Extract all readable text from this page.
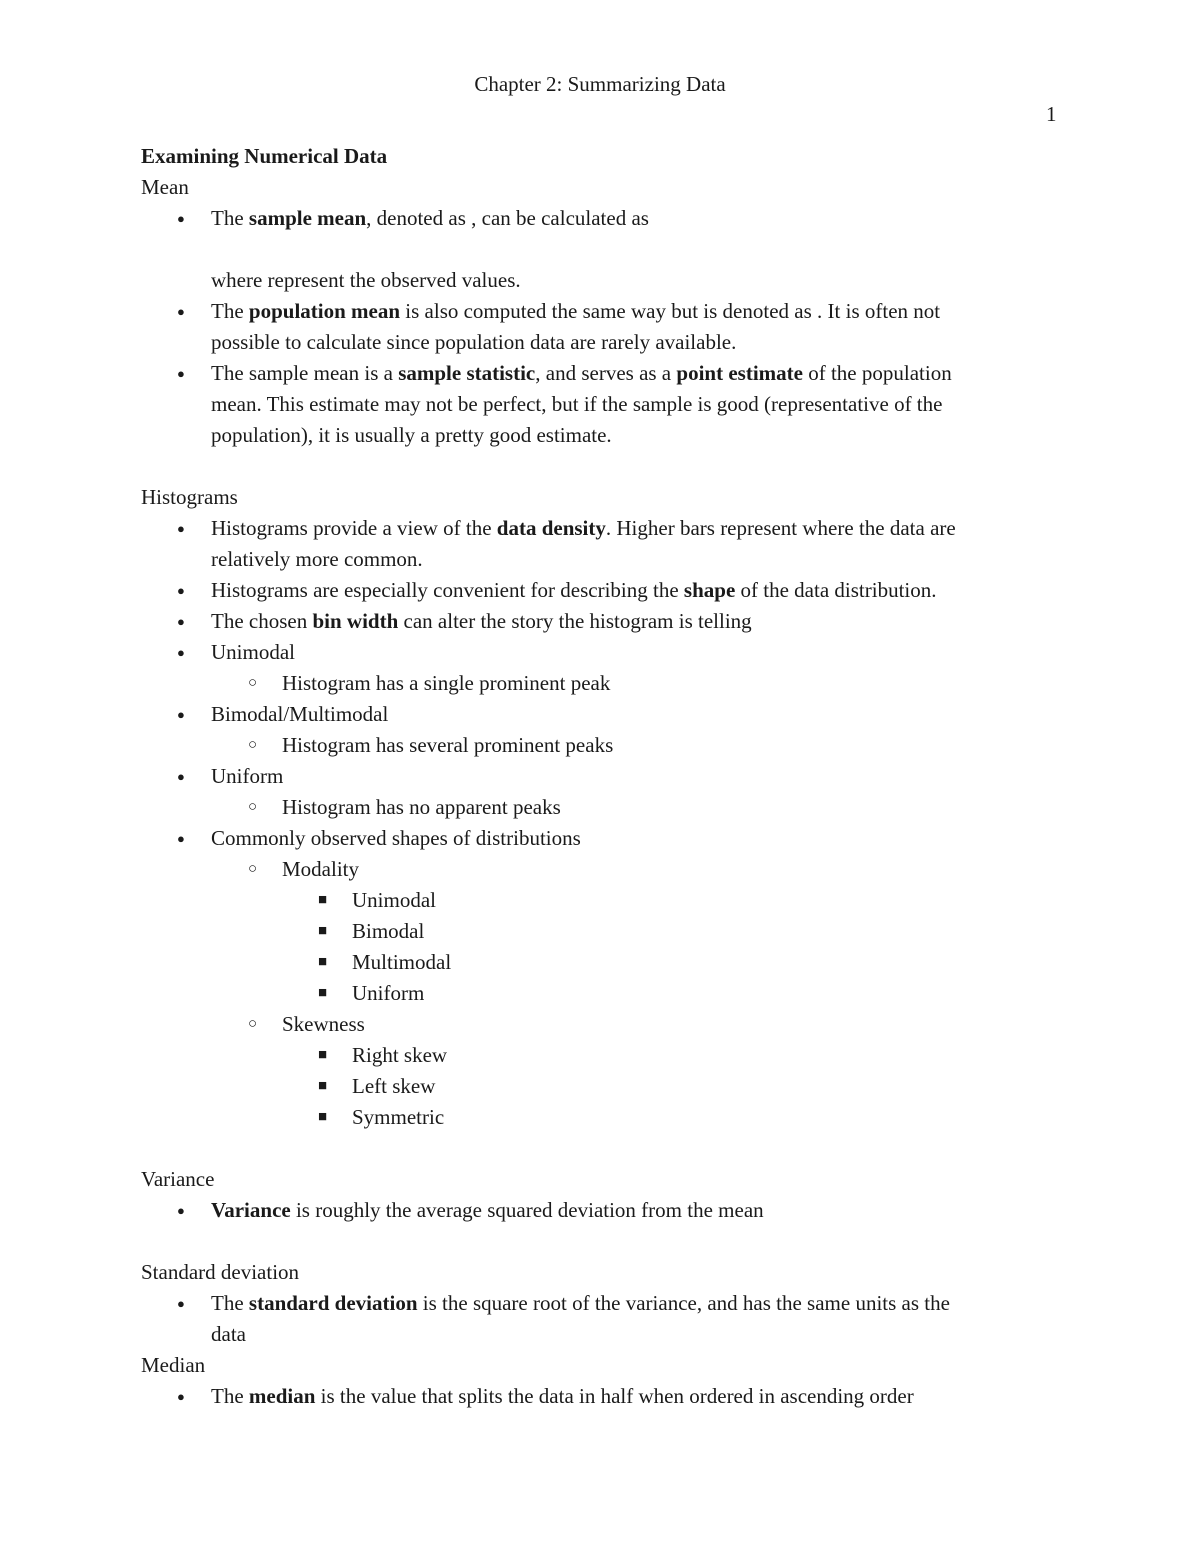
Chapter 2: Summarizing Data
1
Examining Numerical Data
Mean
● The sample mean, denoted as , can be calculated as
where represent the observed values.
● The population mean is also computed the same way but is denoted as . It is often not
possible to calculate since population data are rarely available.
● The sample mean is a sample statistic, and serves as a point estimate of the population
mean. This estimate may not be perfect, but if the sample is good (representative of the
population), it is usually a pretty good estimate.
Histograms
● Histograms provide a view of the data density. Higher bars represent where the data are
relatively more common.
● Histograms are especially convenient for describing the shape of the data distribution.
● The chosen bin width can alter the story the histogram is telling
● Unimodal
○ Histogram has a single prominent peak
● Bimodal/Multimodal
○ Histogram has several prominent peaks
● Uniform
○ Histogram has no apparent peaks
● Commonly observed shapes of distributions
○ Modality
■ Unimodal
■ Bimodal
■ Multimodal
■ Uniform
○ Skewness
■ Right skew
■ Left skew
■ Symmetric
Variance
● Variance is roughly the average squared deviation from the mean
Standard deviation
● The standard deviation is the square root of the variance, and has the same units as the
data
Median
● The median is the value that splits the data in half when ordered in ascending order
